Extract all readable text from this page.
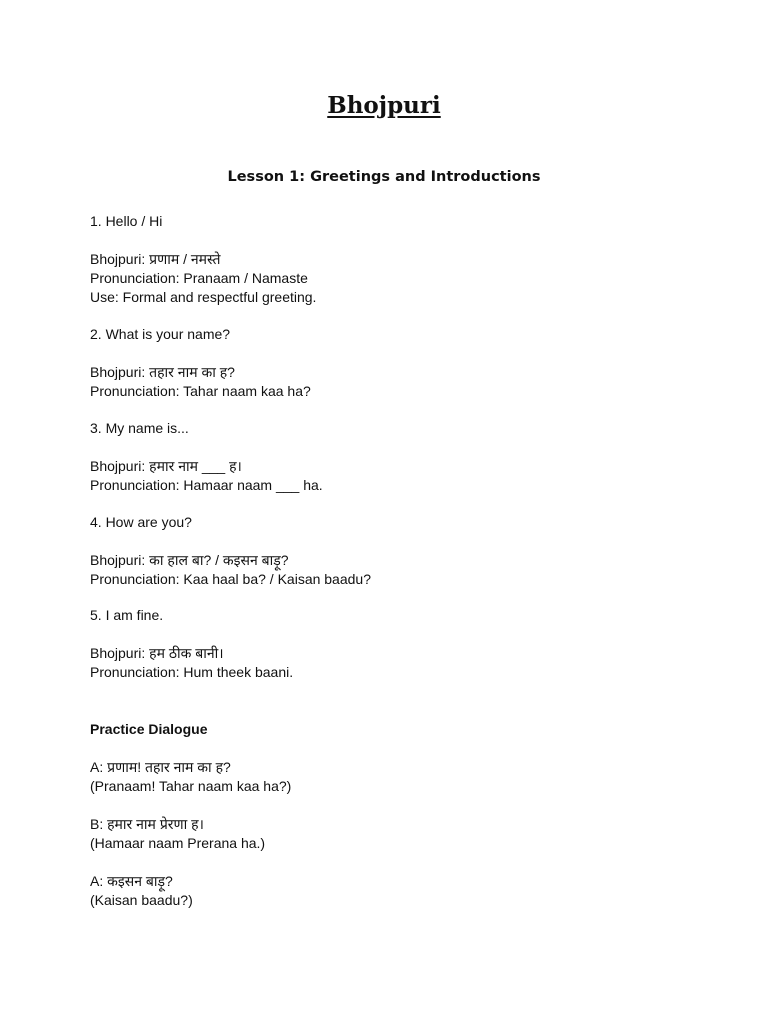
Bhojpuri
Lesson 1: Greetings and Introductions
1. Hello / Hi
Bhojpuri: प्रणाम / नमस्ते
Pronunciation: Pranaam / Namaste
Use: Formal and respectful greeting.
2. What is your name?
Bhojpuri: तहार नाम का ह?
Pronunciation: Tahar naam kaa ha?
3. My name is...
Bhojpuri: हमार नाम ___ ह।
Pronunciation: Hamaar naam ___ ha.
4. How are you?
Bhojpuri: का हाल बा? / कइसन बाड़ू?
Pronunciation: Kaa haal ba? / Kaisan baadu?
5. I am fine.
Bhojpuri: हम ठीक बानी।
Pronunciation: Hum theek baani.
Practice Dialogue
A: प्रणाम! तहार नाम का ह?
(Pranaam! Tahar naam kaa ha?)
B: हमार नाम प्रेरणा ह।
(Hamaar naam Prerana ha.)
A: कइसन बाड़ू?
(Kaisan baadu?)
